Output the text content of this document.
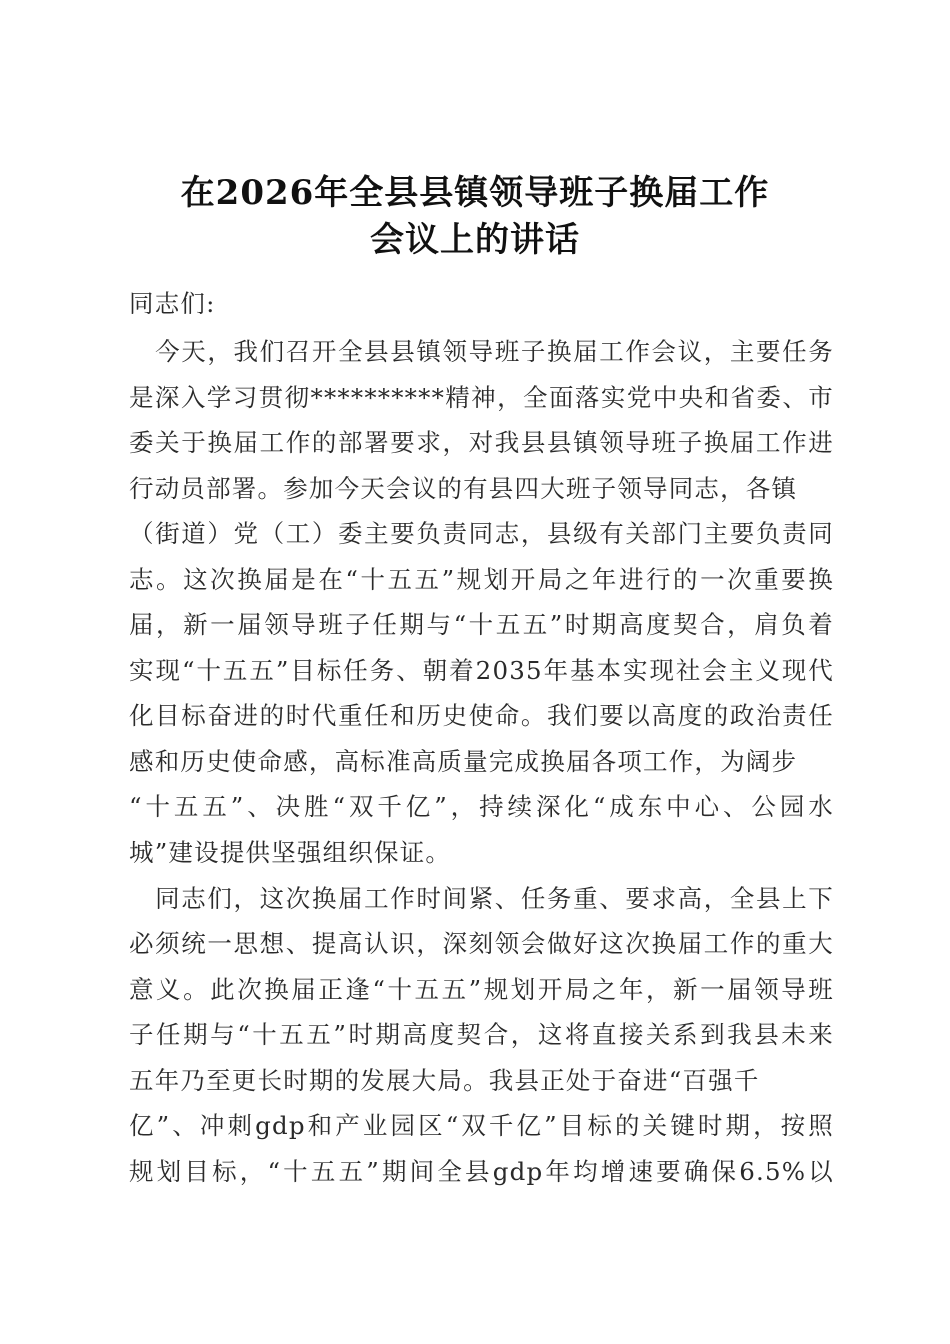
在2026年全县县镇领导班子换届工作
会议上的讲话
同志们:
　今天，我们召开全县县镇领导班子换届工作会议，主要任务
是深入学习贯彻**********精神，全面落实党中央和省委、市
委关于换届工作的部署要求，对我县县镇领导班子换届工作进
行动员部署。参加今天会议的有县四大班子领导同志，各镇
（街道）党（工）委主要负责同志，县级有关部门主要负责同
志。这次换届是在“十五五”规划开局之年进行的一次重要换
届，新一届领导班子任期与“十五五”时期高度契合，肩负着
实现“十五五”目标任务、朝着2035年基本实现社会主义现代
化目标奋进的时代重任和历史使命。我们要以高度的政治责任
感和历史使命感，高标准高质量完成换届各项工作，为阔步
“十五五”、决胜“双千亿”，持续深化“成东中心、公园水
城”建设提供坚强组织保证。
　同志们，这次换届工作时间紧、任务重、要求高，全县上下
必须统一思想、提高认识，深刻领会做好这次换届工作的重大
意义。此次换届正逢“十五五”规划开局之年，新一届领导班
子任期与“十五五”时期高度契合，这将直接关系到我县未来
五年乃至更长时期的发展大局。我县正处于奋进“百强千
亿”、冲刺gdp和产业园区“双千亿”目标的关键时期，按照
规划目标，“十五五”期间全县gdp年均增速要确保6.5%以
